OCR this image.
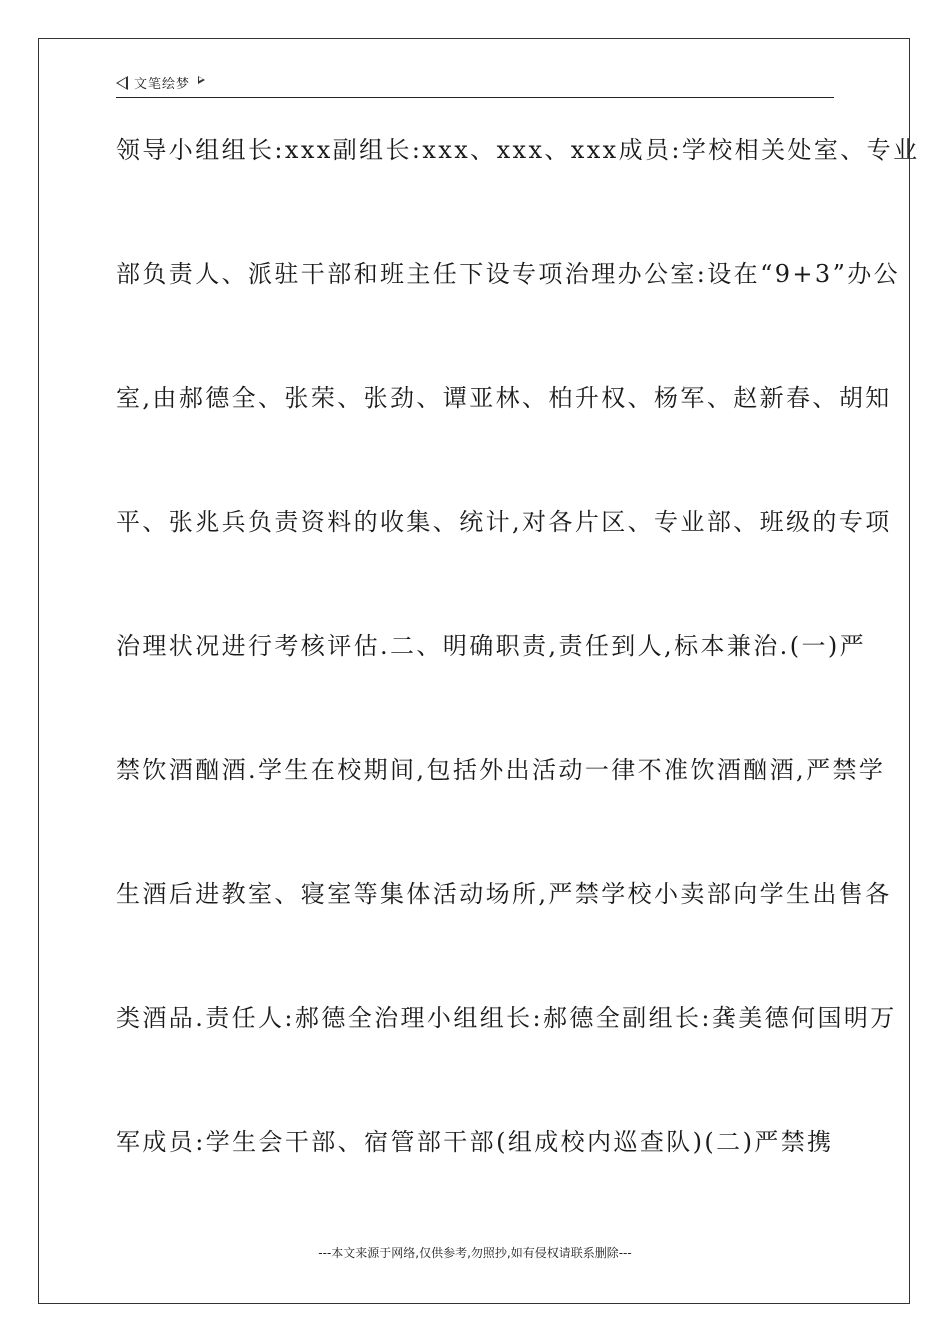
文笔绘梦
领导小组组长:xxx副组长:xxx、xxx、xxx成员:学校相关处室、专业
部负责人、派驻干部和班主任下设专项治理办公室:设在“9+3”办公
室,由郝德全、张荣、张劲、谭亚林、柏升权、杨军、赵新春、胡知
平、张兆兵负责资料的收集、统计,对各片区、专业部、班级的专项
治理状况进行考核评估.二、明确职责,责任到人,标本兼治.(一)严
禁饮酒酗酒.学生在校期间,包括外出活动一律不准饮酒酗酒,严禁学
生酒后进教室、寝室等集体活动场所,严禁学校小卖部向学生出售各
类酒品.责任人:郝德全治理小组组长:郝德全副组长:龚美德何国明万
军成员:学生会干部、宿管部干部(组成校内巡查队)(二)严禁携
---本文来源于网络,仅供参考,勿照抄,如有侵权请联系删除---
